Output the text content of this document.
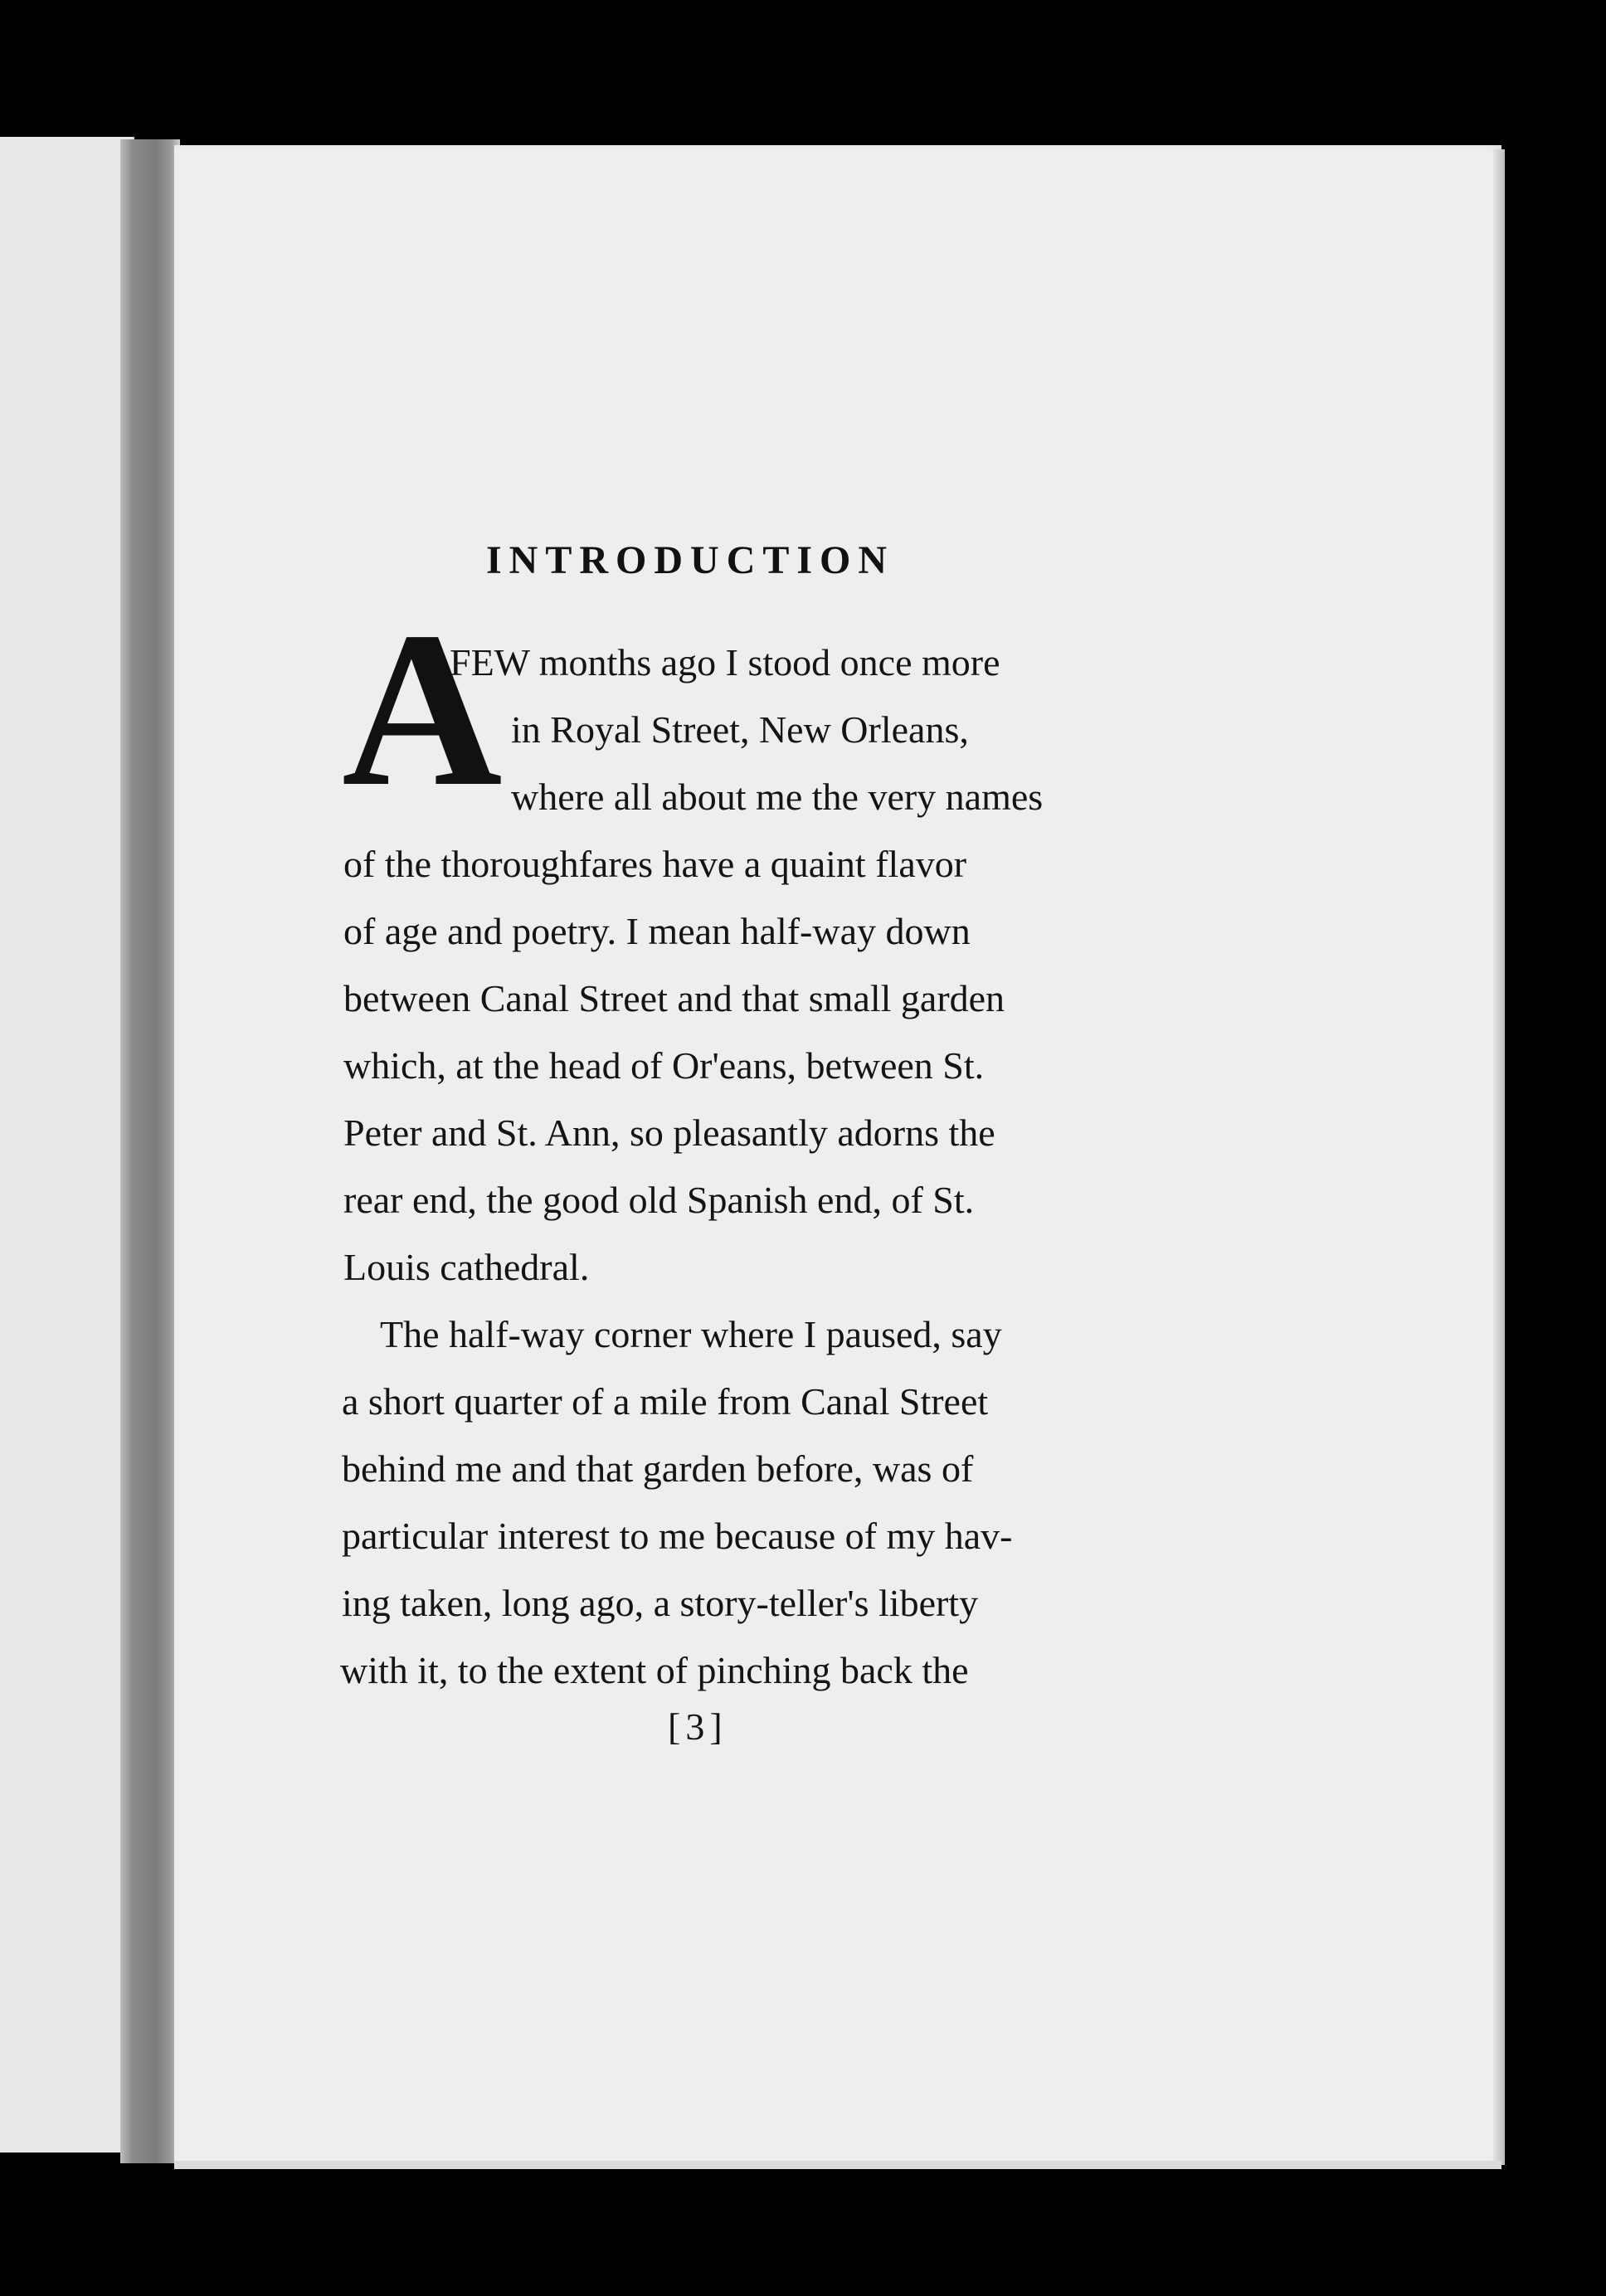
INTRODUCTION
A
FEW months ago I stood once more
in Royal Street, New Orleans,
where all about me the very names
of the thoroughfares have a quaint flavor
of age and poetry. I mean half-way down
between Canal Street and that small garden
which, at the head of Or'eans, between St.
Peter and St. Ann, so pleasantly adorns the
rear end, the good old Spanish end, of St.
Louis cathedral.
The half-way corner where I paused, say
a short quarter of a mile from Canal Street
behind me and that garden before, was of
particular interest to me because of my hav-
ing taken, long ago, a story-teller's liberty
with it, to the extent of pinching back the
[3]
